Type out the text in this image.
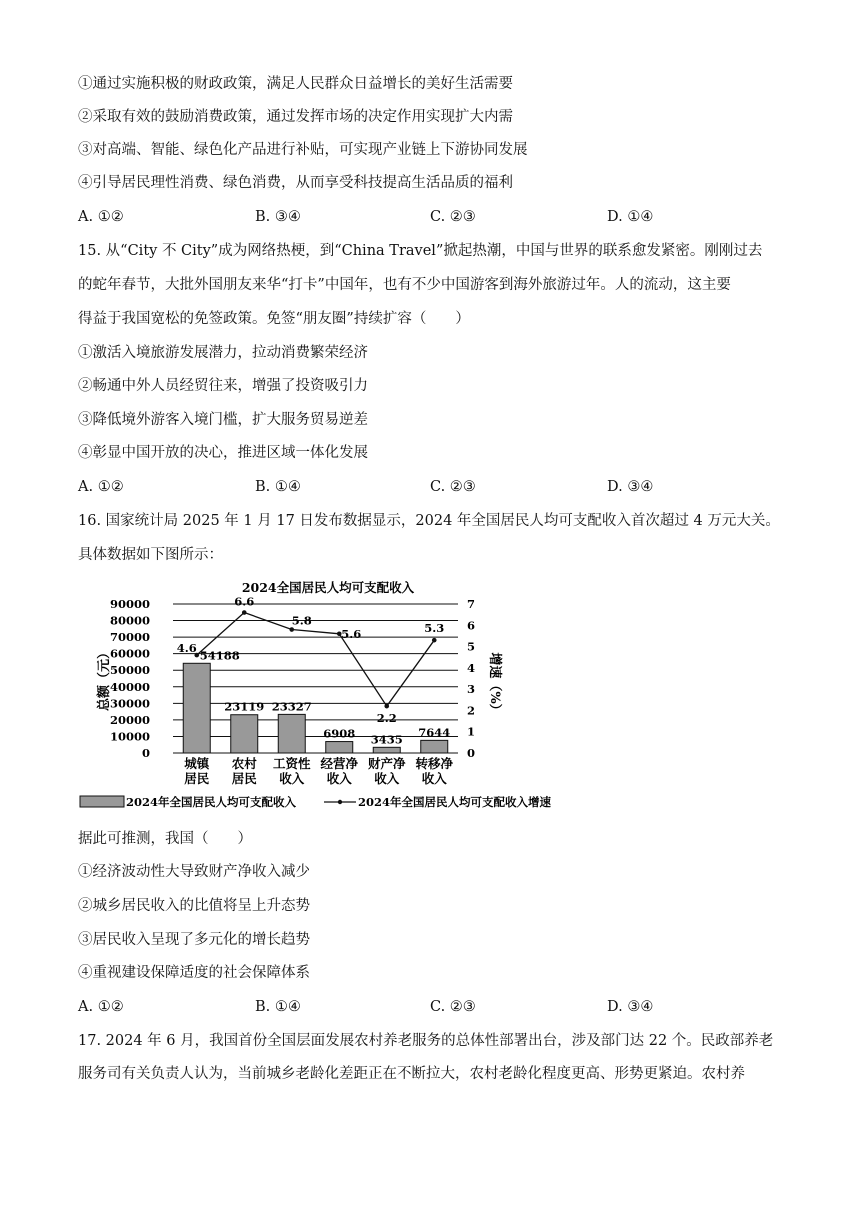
①通过实施积极的财政政策，满足人民群众日益增长的美好生活需要
②采取有效的鼓励消费政策，通过发挥市场的决定作用实现扩大内需
③对高端、智能、绿色化产品进行补贴，可实现产业链上下游协同发展
④引导居民理性消费、绿色消费，从而享受科技提高生活品质的福利
A. ①②	B. ③④	C. ②③	D. ①④
15. 从“City 不 City”成为网络热梗，到“China Travel”掀起热潮，中国与世界的联系愈发紧密。刚刚过去
的蛇年春节，大批外国朋友来华“打卡”中国年，也有不少中国游客到海外旅游过年。人的流动，这主要
得益于我国宽松的免签政策。免签“朋友圈”持续扩容（　　）
①激活入境旅游发展潜力，拉动消费繁荣经济
②畅通中外人员经贸往来，增强了投资吸引力
③降低境外游客入境门槛，扩大服务贸易逆差
④彰显中国开放的决心，推进区域一体化发展
A. ①②	B. ①④	C. ②③	D. ③④
16. 国家统计局 2025 年 1 月 17 日发布数据显示，2024 年全国居民人均可支配收入首次超过 4 万元大关。
具体数据如下图所示：
2024全国居民人均可支配收入
54188
23119 23327
6908 3435 7644
4.6
6.6
5.8
5.6
2.2
5.3
0
10000
20000
30000
40000
50000
60000
70000
80000
90000
0
1
2
3
4
5
6
7
城镇
居民
农村
居民
工资性
收入
经营净
收入
财产净
收入
转移净
收入
总额（元）	增速（%）
2024年全国居民人均可支配收入	2024年全国居民人均可支配收入增速
据此可推测，我国（　　）
①经济波动性大导致财产净收入减少
②城乡居民收入的比值将呈上升态势
③居民收入呈现了多元化的增长趋势
④重视建设保障适度的社会保障体系
A. ①②	B. ①④	C. ②③	D. ③④
17. 2024 年 6 月，我国首份全国层面发展农村养老服务的总体性部署出台，涉及部门达 22 个。民政部养老
服务司有关负责人认为，当前城乡老龄化差距正在不断拉大，农村老龄化程度更高、形势更紧迫。农村养
